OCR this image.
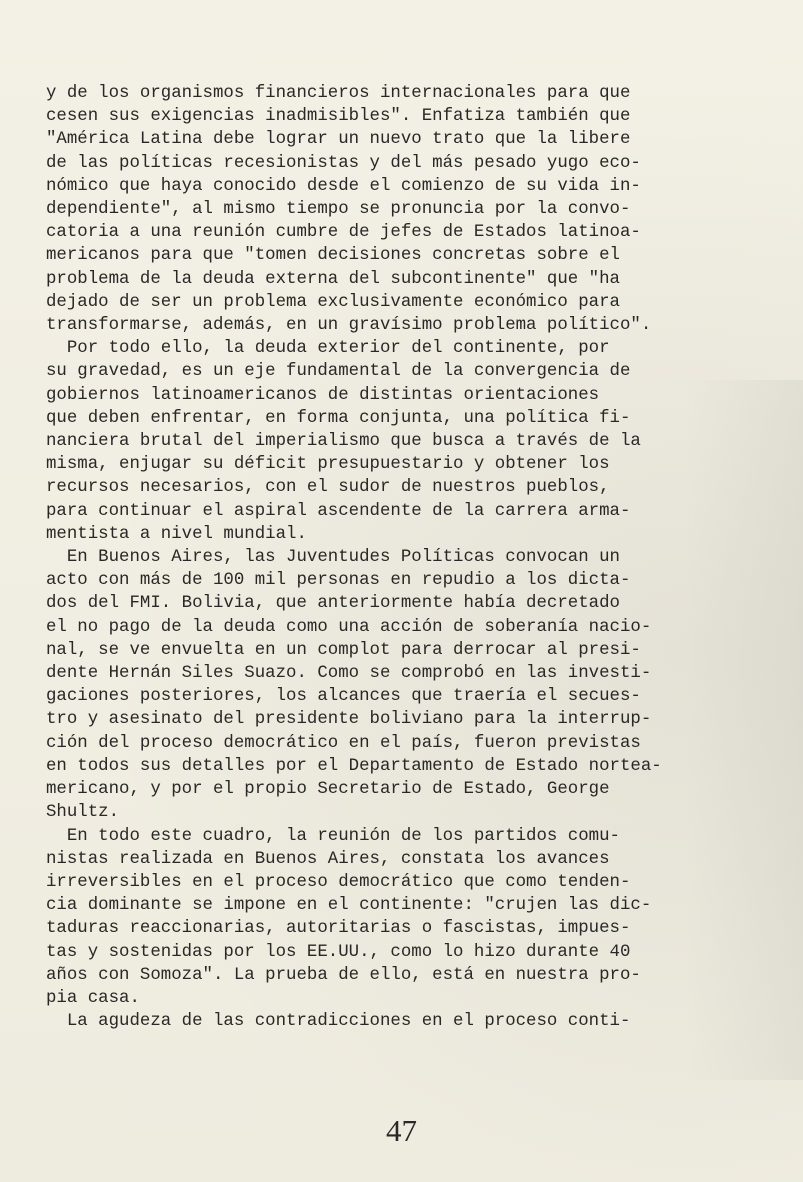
y de los organismos financieros internacionales para que
cesen sus exigencias inadmisibles". Enfatiza también que
"América Latina debe lograr un nuevo trato que la libere
de las políticas recesionistas y del más pesado yugo eco-
nómico que haya conocido desde el comienzo de su vida in-
dependiente", al mismo tiempo se pronuncia por la convo-
catoria a una reunión cumbre de jefes de Estados latinoa-
mericanos para que "tomen decisiones concretas sobre el
problema de la deuda externa del subcontinente" que "ha
dejado de ser un problema exclusivamente económico para
transformarse, además, en un gravísimo problema político".
Por todo ello, la deuda exterior del continente, por
su gravedad, es un eje fundamental de la convergencia de
gobiernos latinoamericanos de distintas orientaciones
que deben enfrentar, en forma conjunta, una política fi-
nanciera brutal del imperialismo que busca a través de la
misma, enjugar su déficit presupuestario y obtener los
recursos necesarios, con el sudor de nuestros pueblos,
para continuar el aspiral ascendente de la carrera arma-
mentista a nivel mundial.
En Buenos Aires, las Juventudes Políticas convocan un
acto con más de 100 mil personas en repudio a los dicta-
dos del FMI. Bolivia, que anteriormente había decretado
el no pago de la deuda como una acción de soberanía nacio-
nal, se ve envuelta en un complot para derrocar al presi-
dente Hernán Siles Suazo. Como se comprobó en las investi-
gaciones posteriores, los alcances que traería el secues-
tro y asesinato del presidente boliviano para la interrup-
ción del proceso democrático en el país, fueron previstas
en todos sus detalles por el Departamento de Estado nortea-
mericano, y por el propio Secretario de Estado, George
Shultz.
En todo este cuadro, la reunión de los partidos comu-
nistas realizada en Buenos Aires, constata los avances
irreversibles en el proceso democrático que como tenden-
cia dominante se impone en el continente: "crujen las dic-
taduras reaccionarias, autoritarias o fascistas, impues-
tas y sostenidas por los EE.UU., como lo hizo durante 40
años con Somoza". La prueba de ello, está en nuestra pro-
pia casa.
La agudeza de las contradicciones en el proceso conti-
47
